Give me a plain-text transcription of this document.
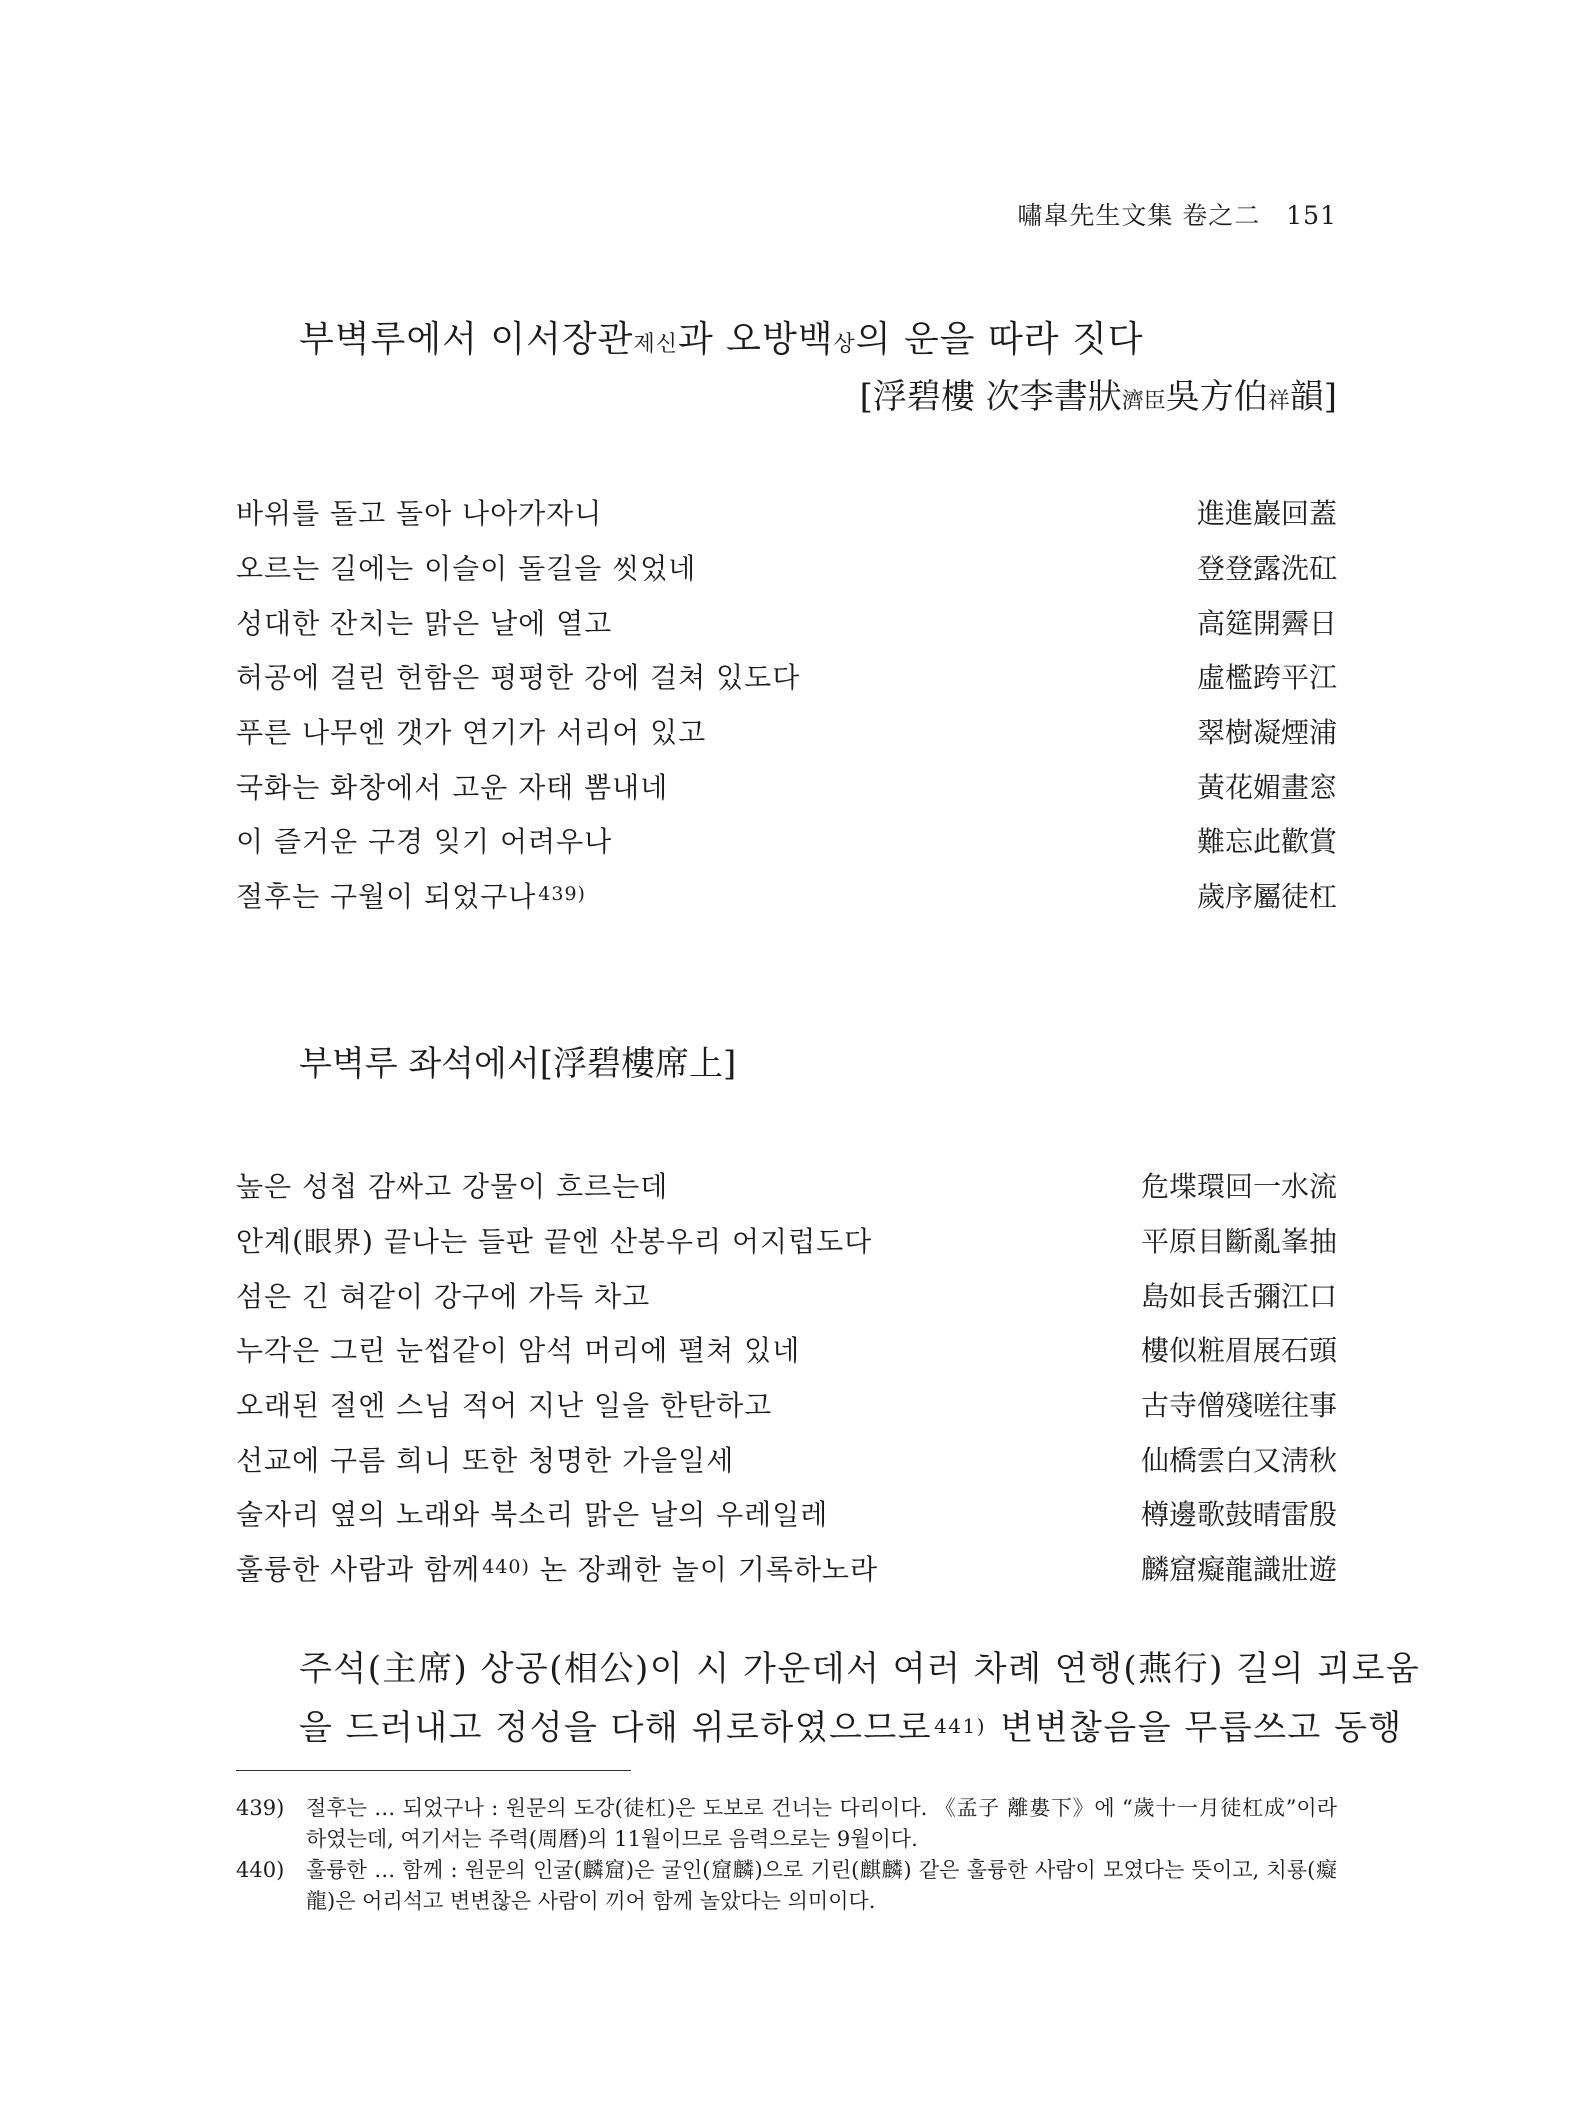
嘯皐先生文集 卷之二 151
부벽루에서 이서장관제신과 오방백상의 운을 따라 짓다
[浮碧樓 次李書狀濟臣吳方伯祥韻]
바위를 돌고 돌아 나아가자니	進進巖回蓋
오르는 길에는 이슬이 돌길을 씻었네	登登露洗矼
성대한 잔치는 맑은 날에 열고	高筵開霽日
허공에 걸린 헌함은 평평한 강에 걸쳐 있도다	虛檻跨平江
푸른 나무엔 갯가 연기가 서리어 있고	翠樹凝煙浦
국화는 화창에서 고운 자태 뽐내네	黃花媚畫窓
이 즐거운 구경 잊기 어려우나	難忘此歡賞
절후는 구월이 되었구나 $^{439)}$	歲序屬徒杠
부벽루 좌석에서[浮碧樓席上]
높은 성첩 감싸고 강물이 흐르는데	危堞環回一水流
안계(眼界) 끝나는 들판 끝엔 산봉우리 어지럽도다	平原目斷亂峯抽
섬은 긴 혀같이 강구에 가득 차고	島如長舌彌江口
누각은 그린 눈썹같이 암석 머리에 펼쳐 있네	樓似粧眉展石頭
오래된 절엔 스님 적어 지난 일을 한탄하고	古寺僧殘嗟往事
선교에 구름 희니 또한 청명한 가을일세	仙橋雲白又淸秋
술자리 옆의 노래와 북소리 맑은 날의 우레일레	樽邊歌鼓晴雷殷
훌륭한 사람과 함께 $^{440)}$ 논 장쾌한 놀이 기록하노라	麟窟癡龍識壯遊

주석(主席) 상공(相公)이 시 가운데서 여러 차례 연행(燕行) 길의 괴로움
을 드러내고 정성을 다해 위로하였으므로 441) 변변찮음을 무릅쓰고 동행

439)	절후는 … 되었구나 : 원문의 도강(徒杠)은 도보로 건너는 다리이다. 《孟子 離婁下》에 “歲十一月徒杠成”이라 하였는데, 여기서는 주력(周曆)의 11월이므로 음력으로는 9월이다.
440)	훌륭한 … 함께 : 원문의 인굴(麟窟)은 굴인(窟麟)으로 기린(麒麟) 같은 훌륭한 사람이 모였다는 뜻이고, 치룡(癡龍)은 어리석고 변변찮은 사람이 끼어 함께 놀았다는 의미이다.
